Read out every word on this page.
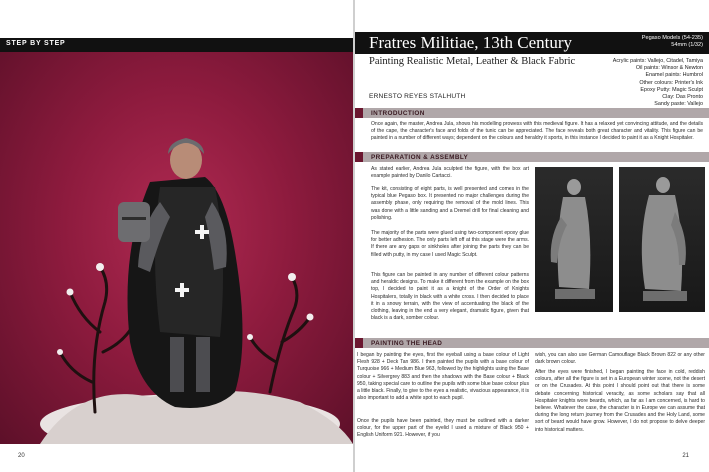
STEP BY STEP
20
Fratres Militiae, 13th Century	Pegaso Models (54-235)
54mm (1/32)
Painting Realistic Metal, Leather & Black Fabric	Acrylic paints: Vallejo, Citadel, Tamiya
Oil paints: Winsor & Newton
Enamel paints: Humbrol
Other colours: Printer's Ink
Epoxy Putty: Magic Sculpt
Clay: Das Pronto
Sandy paste: Vallejo
ERNESTO REYES STALHUTH
INTRODUCTION
Once again, the master, Andrea Jula, shows his modelling prowess with this medieval figure. It has a relaxed yet convincing attitude, and the details of the cape, the character's face and folds of the tunic can be appreciated. The face reveals both great character and vitality. This figure can be painted in a number of different ways; dependent on the colours and heraldry it sports, in this instance I decided to paint it as a Knight Hospitaler.
PREPARATION & ASSEMBLY
As stated earlier, Andrea Jula sculpted the figure, with the box art example painted by Danilo Cartacci.
The kit, consisting of eight parts, is well presented and comes in the typical blue Pegaso box. It presented no major challenges during the assembly phase, only requiring the removal of the mold lines. This was done with a little sanding and a Dremel drill for final cleaning and polishing.
The majority of the parts were glued using two-component epoxy glue for better adhesion. The only parts left off at this stage were the arms. If there are any gaps or sinkholes after joining the parts they can be filled with putty, in my case I used Magic Sculpt.
This figure can be painted in any number of different colour patterns and heraldic designs. To make it different from the example on the box top, I decided to paint it as a knight of the Order of Knights Hospitalers, totally in black with a white cross. I then decided to place it in a snowy terrain, with the view of accentuating the black of the clothing, leaving in the end a very elegant, dramatic figure, given that black is a dark, somber colour.
PAINTING THE HEAD
I began by painting the eyes, first the eyeball using a base colour of Light Flesh 928 + Deck Tan 986. I then painted the pupils with a base colour of Turquoise 966 + Medium Blue 963, followed by the highlights using the Base colour + Silvergrey 883 and then the shadows with the Base colour + Black 950, taking special care to outline the pupils with some blue base colour plus a little black. Finally, to give to the eyes a realistic, vivacious appearance, it is also important to add a white spot to each pupil.
Once the pupils have been painted, they must be outlined with a darker colour, for the upper part of the eyelid I used a mixture of Black 950 + English Uniform 921. However, if you
wish, you can also use German Camouflage Black Brown 822 or any other dark brown colour.
After the eyes were finished, I began painting the face in cold, reddish colours, after all the figure is set in a European winter scene, not the desert or on the Crusades. At this point I should point out that there is some debate concerning historical veracity, as some scholars say that all Hospitaler knights wore beards, which, as far as I am concerned, is hard to believe. Whatever the case, the character is in Europe we can assume that during the long return journey from the Crusades and the Holy Land, some sort of beard would have grow. However, I do not propose to delve deeper into historical matters.
21
